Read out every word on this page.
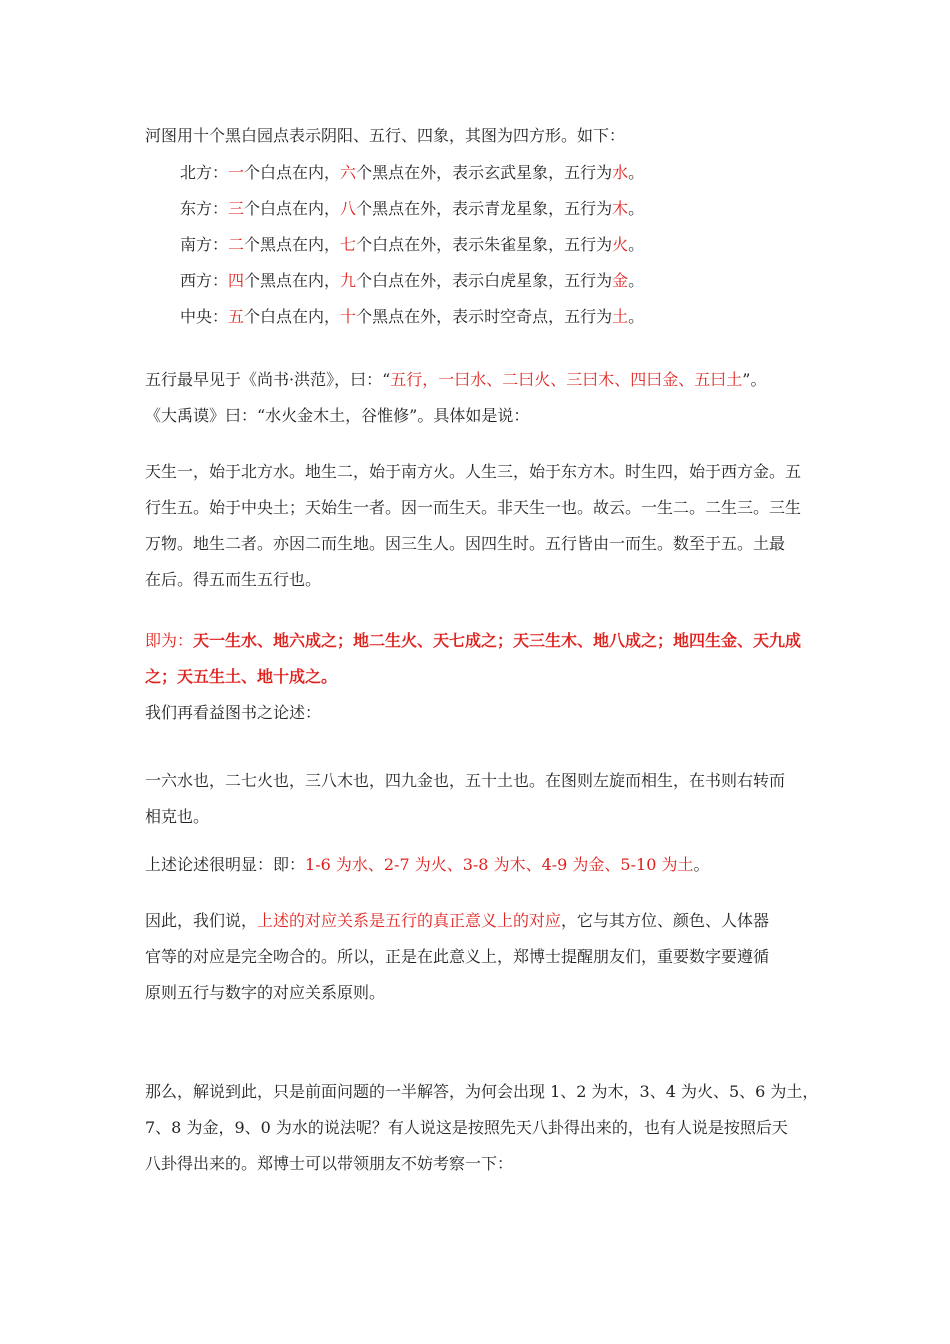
河图用十个黑白园点表示阴阳、五行、四象，其图为四方形。如下：
北方：一个白点在内，六个黑点在外，表示玄武星象，五行为水。
东方：三个白点在内，八个黑点在外，表示青龙星象，五行为木。
南方：二个黑点在内，七个白点在外，表示朱雀星象，五行为火。
西方：四个黑点在内，九个白点在外，表示白虎星象，五行为金。
中央：五个白点在内，十个黑点在外，表示时空奇点，五行为土。
五行最早见于《尚书·洪范》，曰：“五行，一曰水、二曰火、三曰木、四曰金、五曰土”。
《大禹谟》曰：“水火金木土，谷惟修”。具体如是说：
天生一，始于北方水。地生二，始于南方火。人生三，始于东方木。时生四，始于西方金。五
行生五。始于中央土；天始生一者。因一而生天。非天生一也。故云。一生二。二生三。三生
万物。地生二者。亦因二而生地。因三生人。因四生时。五行皆由一而生。数至于五。土最
在后。得五而生五行也。
即为：天一生水、地六成之；地二生火、天七成之；天三生木、地八成之；地四生金、天九成
之；天五生土、地十成之。
我们再看益图书之论述：
一六水也，二七火也，三八木也，四九金也，五十土也。在图则左旋而相生，在书则右转而
相克也。
上述论述很明显：即：1-6 为水、2-7 为火、3-8 为木、4-9 为金、5-10 为土。
因此，我们说，上述的对应关系是五行的真正意义上的对应，它与其方位、颜色、人体器
官等的对应是完全吻合的。所以，正是在此意义上，郑博士提醒朋友们，重要数字要遵循
原则五行与数字的对应关系原则。
那么，解说到此，只是前面问题的一半解答，为何会出现 1、2 为木，3、4 为火、5、6 为土，
7、8 为金，9、0 为水的说法呢？有人说这是按照先天八卦得出来的，也有人说是按照后天
八卦得出来的。郑博士可以带领朋友不妨考察一下：
